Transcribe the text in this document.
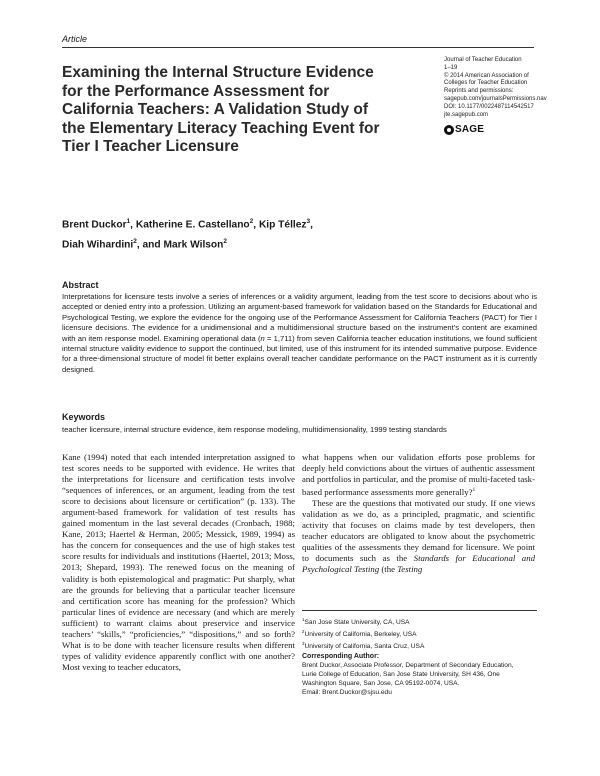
Article
Examining the Internal Structure Evidence for the Performance Assessment for California Teachers: A Validation Study of the Elementary Literacy Teaching Event for Tier I Teacher Licensure
Journal of Teacher Education
1–19
© 2014 American Association of
Colleges for Teacher Education
Reprints and permissions:
sagepub.com/journalsPermissions.nav
DOI: 10.1177/0022487114542517
jte.sagepub.com
SAGE

Brent Duckor$^1$, Katherine E. Castellano$^2$, Kip Téllez$^3$,
Diah Wihardini$^2$, and Mark Wilson$^2$

Abstract

Interpretations for licensure tests involve a series of inferences or a validity argument, leading from the test score to decisions about who is accepted or denied entry into a profession. Utilizing an argument-based framework for validation based on the Standards for Educational and Psychological Testing, we explore the evidence for the ongoing use of the Performance Assessment for California Teachers (PACT) for Tier I licensure decisions. The evidence for a unidimensional and a multidimensional structure based on the instrument’s content are examined with an item response model. Examining operational data (n = 1,711) from seven California teacher education institutions, we found sufficient internal structure validity evidence to support the continued, but limited, use of this instrument for its intended summative purpose. Evidence for a three-dimensional structure of model fit better explains overall teacher candidate performance on the PACT instrument as it is currently designed.

Keywords
teacher licensure, internal structure evidence, item response modeling, multidimensionality, 1999 testing standards

Kane (1994) noted that each intended interpretation assigned to test scores needs to be supported with evidence. He writes that the interpretations for licensure and certification tests involve “sequences of inferences, or an argument, leading from the test score to decisions about licensure or certification” (p. 133). The argument-based framework for validation of test results has gained momentum in the last several decades (Cronbach, 1988; Kane, 2013; Haertel & Herman, 2005; Messick, 1989, 1994) as has the concern for consequences and the use of high stakes test score results for individuals and institutions (Haertel, 2013; Moss, 2013; Shepard, 1993). The renewed focus on the meaning of validity is both epistemological and pragmatic: Put sharply, what are the grounds for believing that a particular teacher licensure and certification score has meaning for the profession? Which particular lines of evidence are necessary (and which are merely sufficient) to warrant claims about preservice and inservice teachers’ “skills,” “proficiencies,” “dispositions,” and so forth? What is to be done with teacher licensure results when different types of validity evidence apparently conflict with one another? Most vexing to teacher educators,

what happens when our validation efforts pose problems for deeply held convictions about the virtues of authentic assessment and portfolios in particular, and the promise of multi-faceted task-based performance assessments more generally?$^1$

These are the questions that motivated our study. If one views validation as we do, as a principled, pragmatic, and scientific activity that focuses on claims made by test developers, then teacher educators are obligated to know about the psychometric qualities of the assessments they demand for licensure. We point to documents such as the Standards for Educational and Psychological Testing (the Testing

$^1$San Jose State University, CA, USA
$^2$University of California, Berkeley, USA
$^3$University of California, Santa Cruz, USA
Corresponding Author:
Brent Duckor, Associate Professor, Department of Secondary Education,
Lurie College of Education, San Jose State University, SH 436, One
Washington Square, San Jose, CA 95192-0074, USA.
Email: Brent.Duckor@sjsu.edu
